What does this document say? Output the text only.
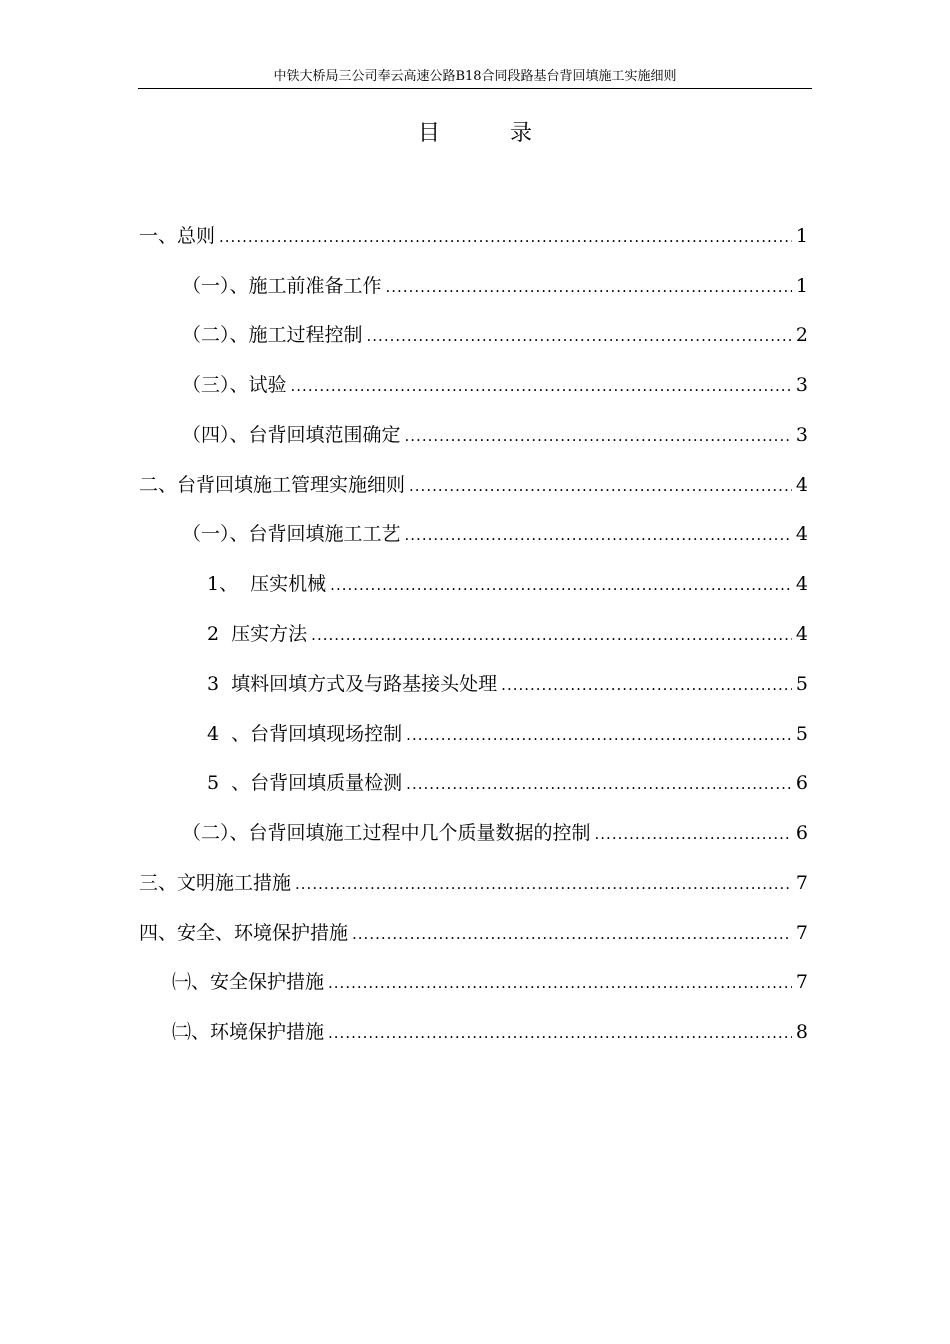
中铁大桥局三公司奉云高速公路B18合同段路基台背回填施工实施细则
目	录
一、总则 .....	1
（一）、施工前准备工作 .....	1
（二）、施工过程控制 .....	2
（三）、试验 .....	3
（四）、台背回填范围确定 .....	3
二、台背回填施工管理实施细则 .....	4
（一）、台背回填施工工艺 .....	4
1、  压实机械 .....	4
2  压实方法 .....	4
3  填料回填方式及与路基接头处理 .....	5
4  、台背回填现场控制 .....	5
5  、台背回填质量检测 .....	6
（二）、台背回填施工过程中几个质量数据的控制 .....	6
三、文明施工措施 .....	7
四、安全、环境保护措施 .....	7
㈠、安全保护措施 .....	7
㈡、环境保护措施 .....	8
